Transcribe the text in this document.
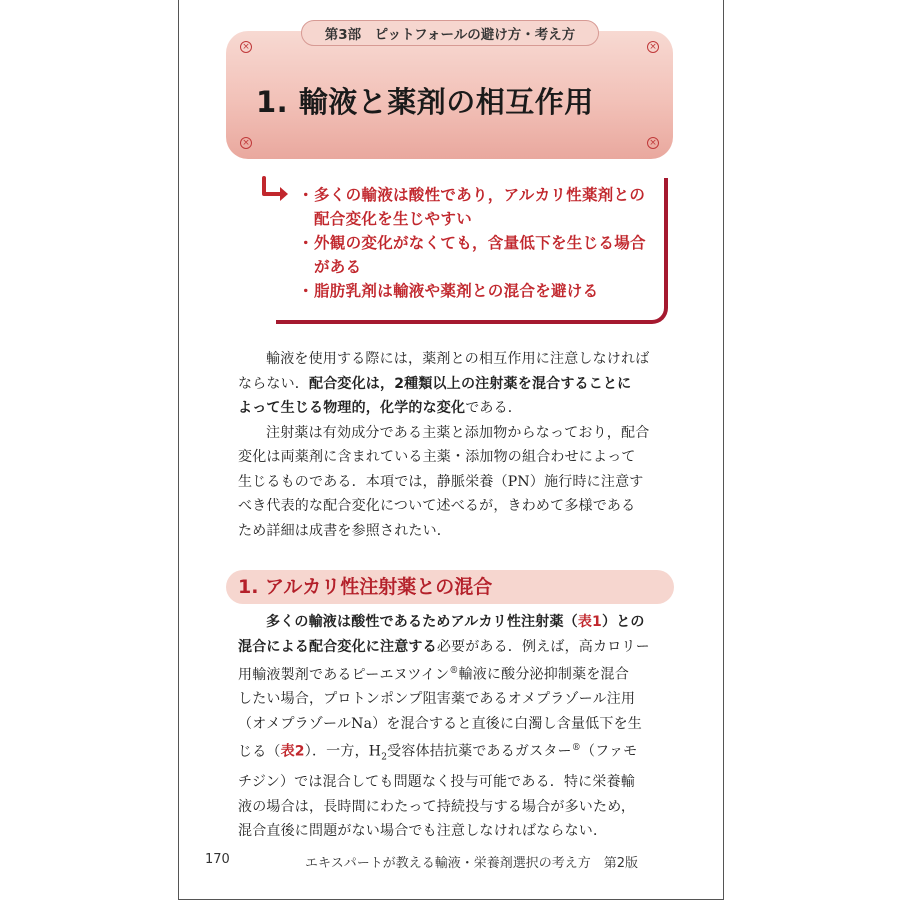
×	×
×	×
第3部　ピットフォールの避け方・考え方
1. 輸液と薬剤の相互作用
・ 多くの輸液は酸性であり，アルカリ性薬剤との
配合変化を生じやすい
・ 外観の変化がなくても，含量低下を生じる場合
がある
・ 脂肪乳剤は輸液や薬剤との混合を避ける

輸液を使用する際には，薬剤との相互作用に注意しなければ
ならない．配合変化は，2種類以上の注射薬を混合することに
よって生じる物理的，化学的な変化である．

注射薬は有効成分である主薬と添加物からなっており，配合
変化は両薬剤に含まれている主薬・添加物の組合わせによって
生じるものである．本項では，静脈栄養（PN）施行時に注意す
べき代表的な配合変化について述べるが，きわめて多様である
ため詳細は成書を参照されたい．

1. アルカリ性注射薬との混合

多くの輸液は酸性であるためアルカリ性注射薬（表1）との
混合による配合変化に注意する必要がある．例えば，高カロリー
用輸液製剤であるピーエヌツイン®輸液に酸分泌抑制薬を混合
したい場合，プロトンポンプ阻害薬であるオメプラゾール注用
（オメプラゾールNa）を混合すると直後に白濁し含量低下を生
じる（表2）．一方，$H_2$受容体拮抗薬であるガスター®（ファモ
チジン）では混合しても問題なく投与可能である．特に栄養輸
液の場合は，長時間にわたって持続投与する場合が多いため，
混合直後に問題がない場合でも注意しなければならない．

170	エキスパートが教える輸液・栄養剤選択の考え方　第2版
